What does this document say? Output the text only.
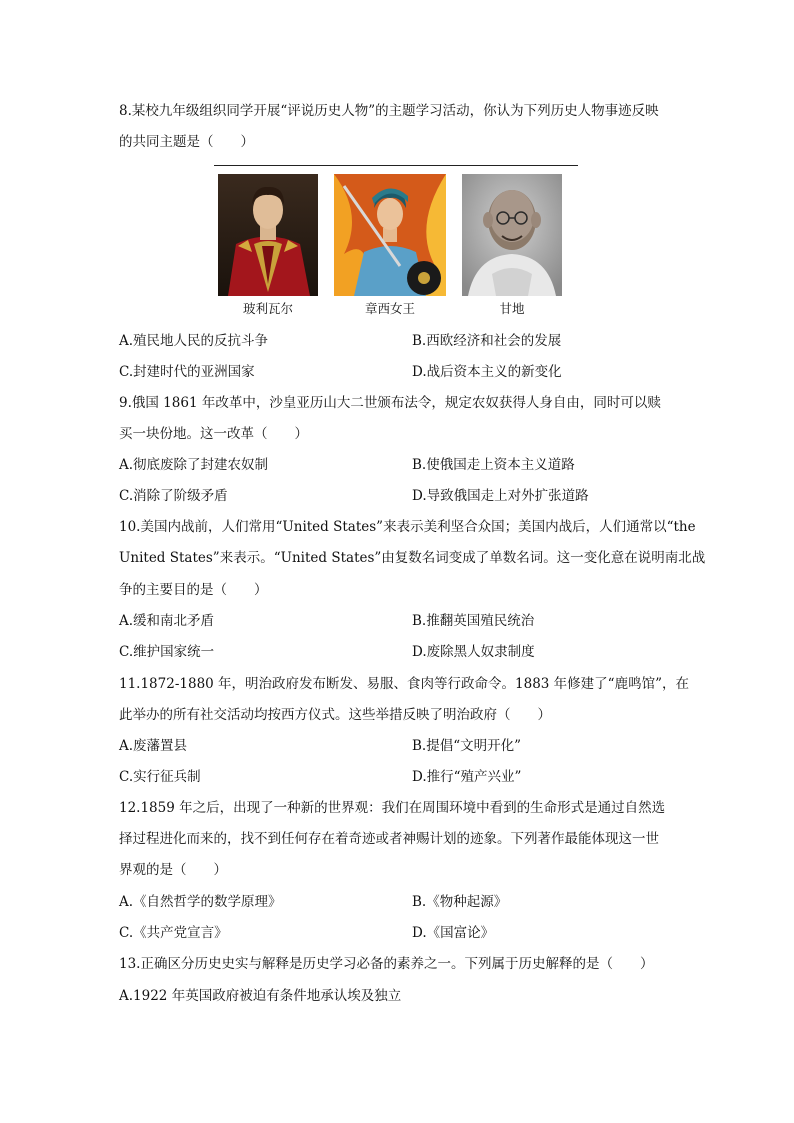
8.某校九年级组织同学开展“评说历史人物”的主题学习活动，你认为下列历史人物事迹反映
的共同主题是（　　）
玻利瓦尔	章西女王	甘地
A.殖民地人民的反抗斗争	B.西欧经济和社会的发展
C.封建时代的亚洲国家	D.战后资本主义的新变化
9.俄国 1861 年改革中，沙皇亚历山大二世颁布法令，规定农奴获得人身自由，同时可以赎
买一块份地。这一改革（　　）
A.彻底废除了封建农奴制	B.使俄国走上资本主义道路
C.消除了阶级矛盾	D.导致俄国走上对外扩张道路
10.美国内战前，人们常用“United States”来表示美利坚合众国；美国内战后，人们通常以“the
United States”来表示。“United States”由复数名词变成了单数名词。这一变化意在说明南北战
争的主要目的是（　　）
A.缓和南北矛盾	B.推翻英国殖民统治
C.维护国家统一	D.废除黑人奴隶制度
11.1872-1880 年，明治政府发布断发、易服、食肉等行政命令。1883 年修建了“鹿鸣馆”，在
此举办的所有社交活动均按西方仪式。这些举措反映了明治政府（　　）
A.废藩置县	B.提倡“文明开化”
C.实行征兵制	D.推行“殖产兴业”
12.1859 年之后，出现了一种新的世界观：我们在周围环境中看到的生命形式是通过自然选
择过程进化而来的，找不到任何存在着奇迹或者神赐计划的迹象。下列著作最能体现这一世
界观的是（　　）
A.《自然哲学的数学原理》	B.《物种起源》
C.《共产党宣言》	D.《国富论》
13.正确区分历史史实与解释是历史学习必备的素养之一。下列属于历史解释的是（　　）
A.1922 年英国政府被迫有条件地承认埃及独立
